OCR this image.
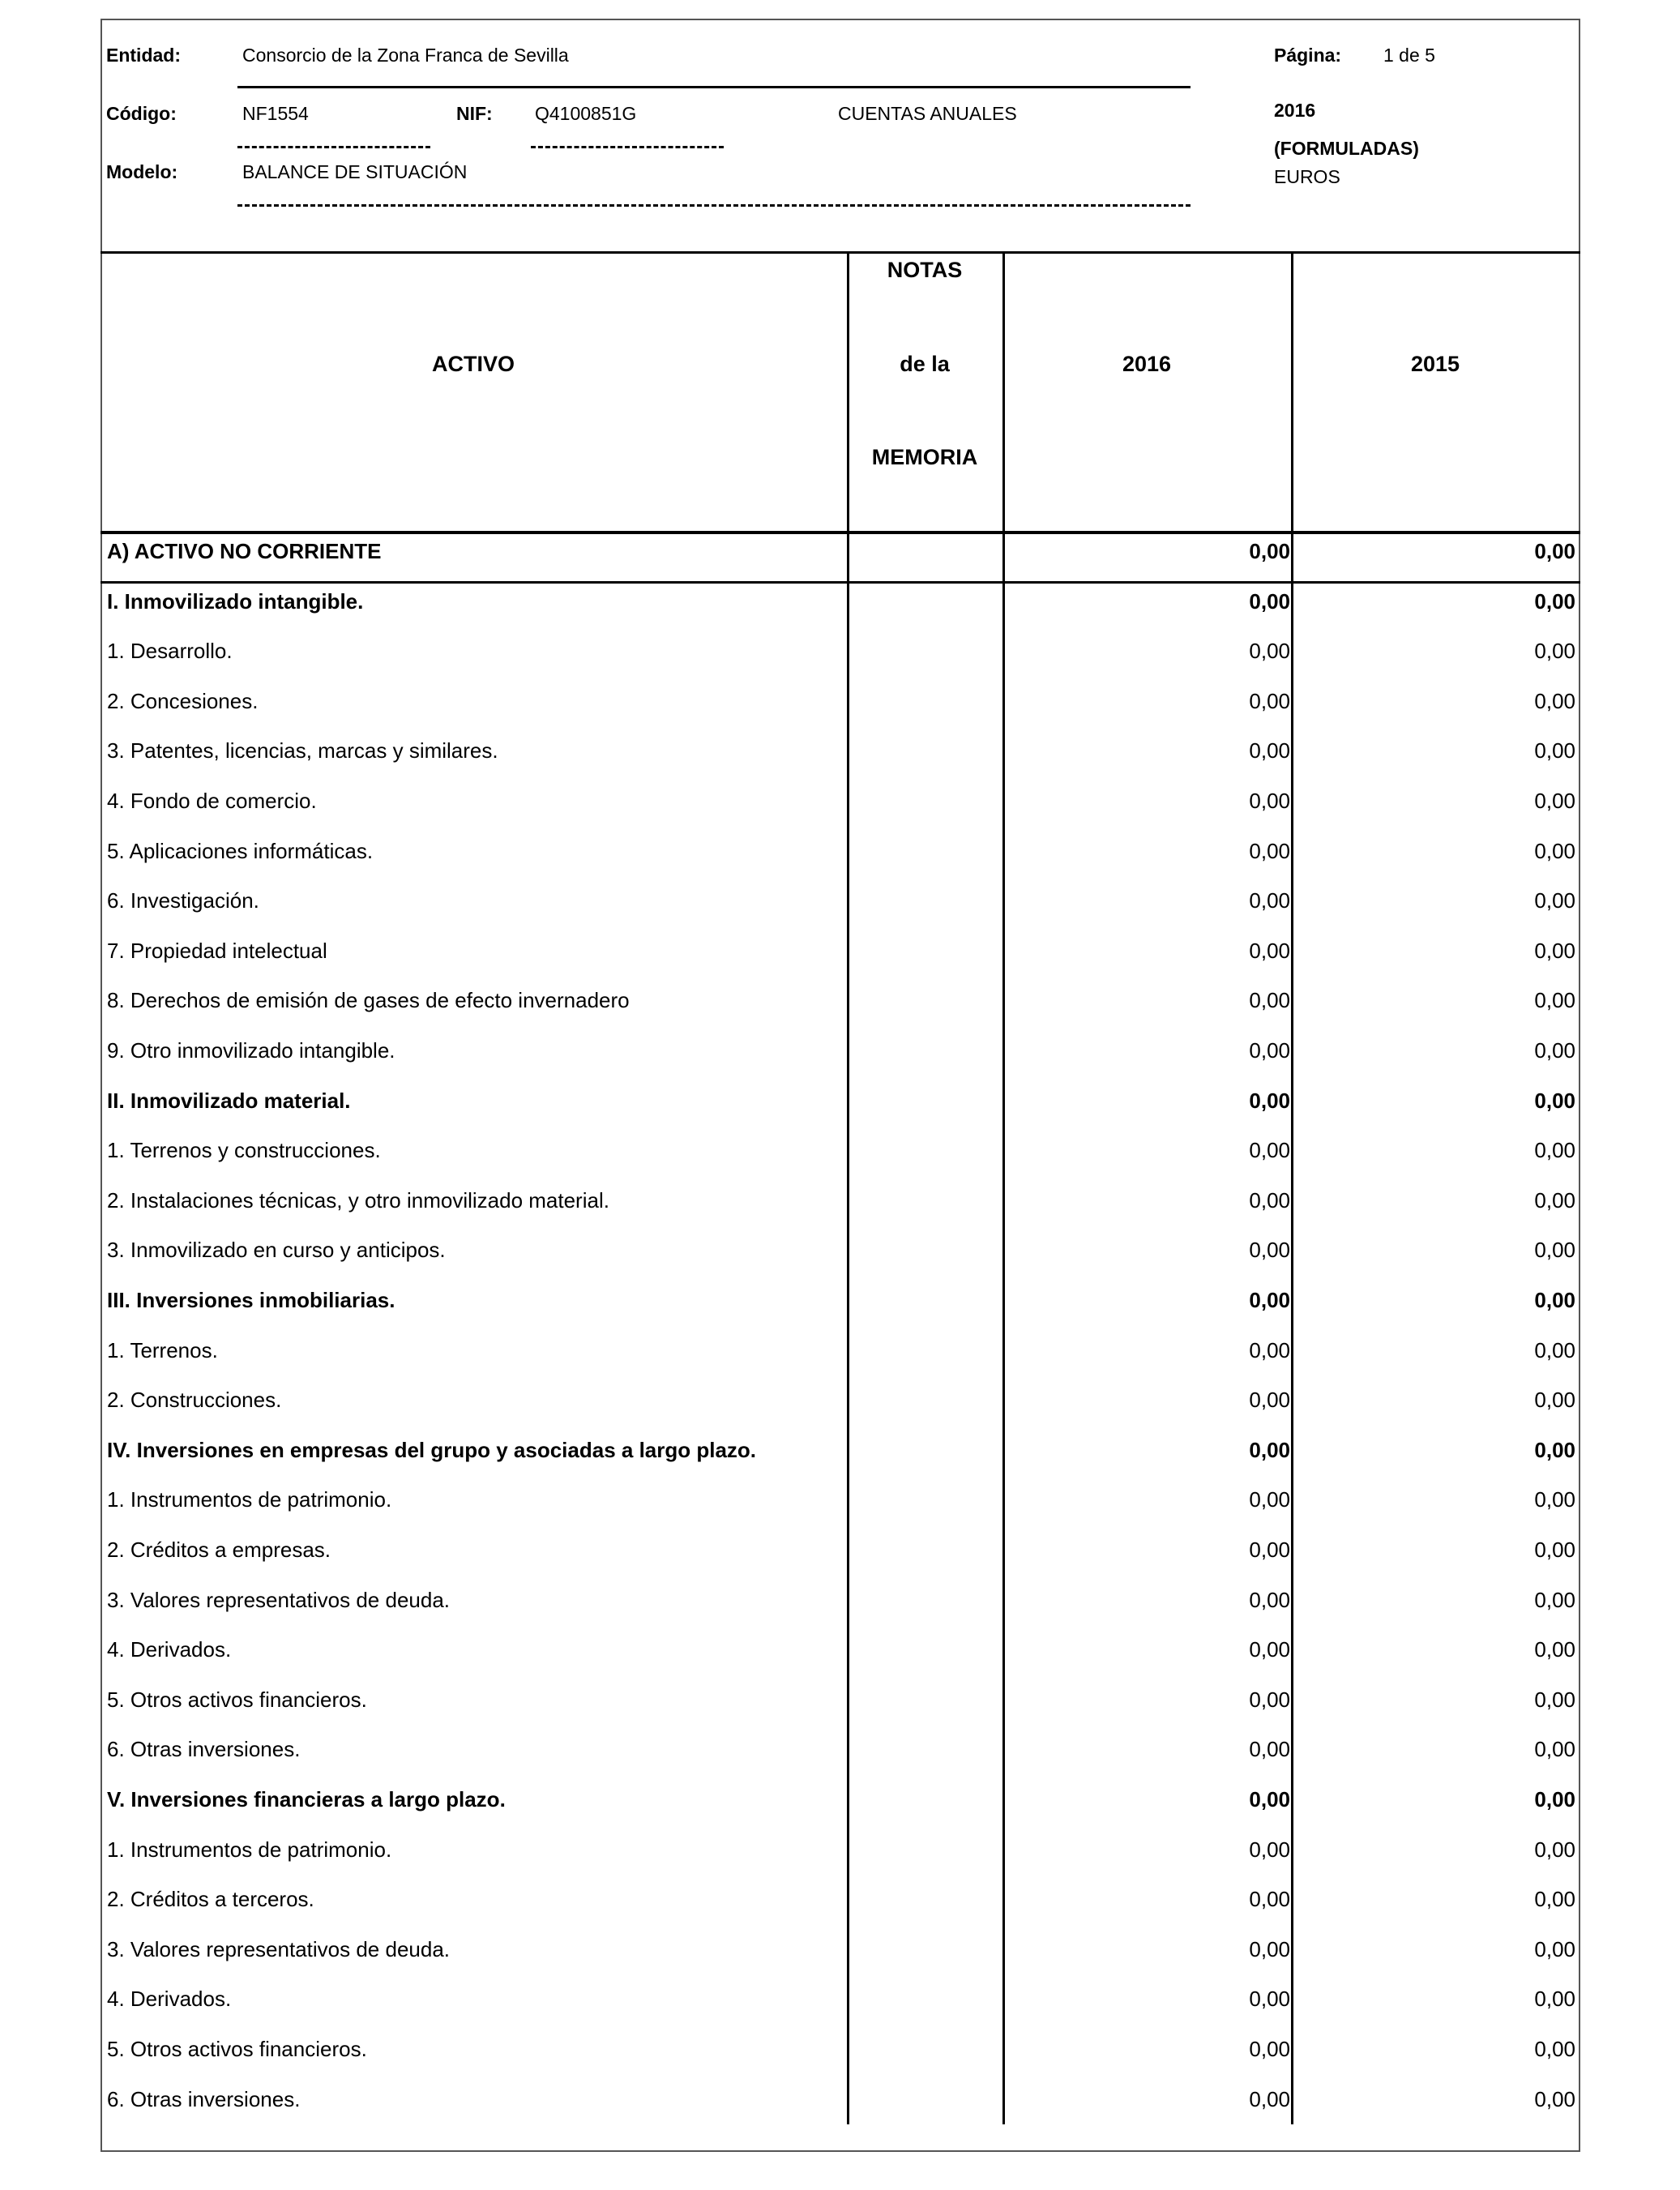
Entidad:	Consorcio de la Zona Franca de Sevilla	Página: 1 de 5
Código:	NF1554	NIF: Q4100851G	CUENTAS ANUALES	2016
(FORMULADAS)
Modelo:	BALANCE DE SITUACIÓN	EUROS
ACTIVO
NOTAS
de la
MEMORIA
2016	2015
A) ACTIVO NO CORRIENTE	0,00	0,00
I. Inmovilizado intangible.	0,00	0,00
1. Desarrollo.	0,00	0,00
2. Concesiones.	0,00	0,00
3. Patentes, licencias, marcas y similares.	0,00	0,00
4. Fondo de comercio.	0,00	0,00
5. Aplicaciones informáticas.	0,00	0,00
6. Investigación.	0,00	0,00
7. Propiedad intelectual	0,00	0,00
8. Derechos de emisión de gases de efecto invernadero	0,00	0,00
9. Otro inmovilizado intangible.	0,00	0,00
II. Inmovilizado material.	0,00	0,00
1. Terrenos y construcciones.	0,00	0,00
2. Instalaciones técnicas, y otro inmovilizado material.	0,00	0,00
3. Inmovilizado en curso y anticipos.	0,00	0,00
III. Inversiones inmobiliarias.	0,00	0,00
1. Terrenos.	0,00	0,00
2. Construcciones.	0,00	0,00
IV. Inversiones en empresas del grupo y asociadas a largo plazo.	0,00	0,00
1. Instrumentos de patrimonio.	0,00	0,00
2. Créditos a empresas.	0,00	0,00
3. Valores representativos de deuda.	0,00	0,00
4. Derivados.	0,00	0,00
5. Otros activos financieros.	0,00	0,00
6. Otras inversiones.	0,00	0,00
V. Inversiones financieras a largo plazo.	0,00	0,00
1. Instrumentos de patrimonio.	0,00	0,00
2. Créditos a terceros.	0,00	0,00
3. Valores representativos de deuda.	0,00	0,00
4. Derivados.	0,00	0,00
5. Otros activos financieros.	0,00	0,00
6. Otras inversiones.	0,00	0,00
